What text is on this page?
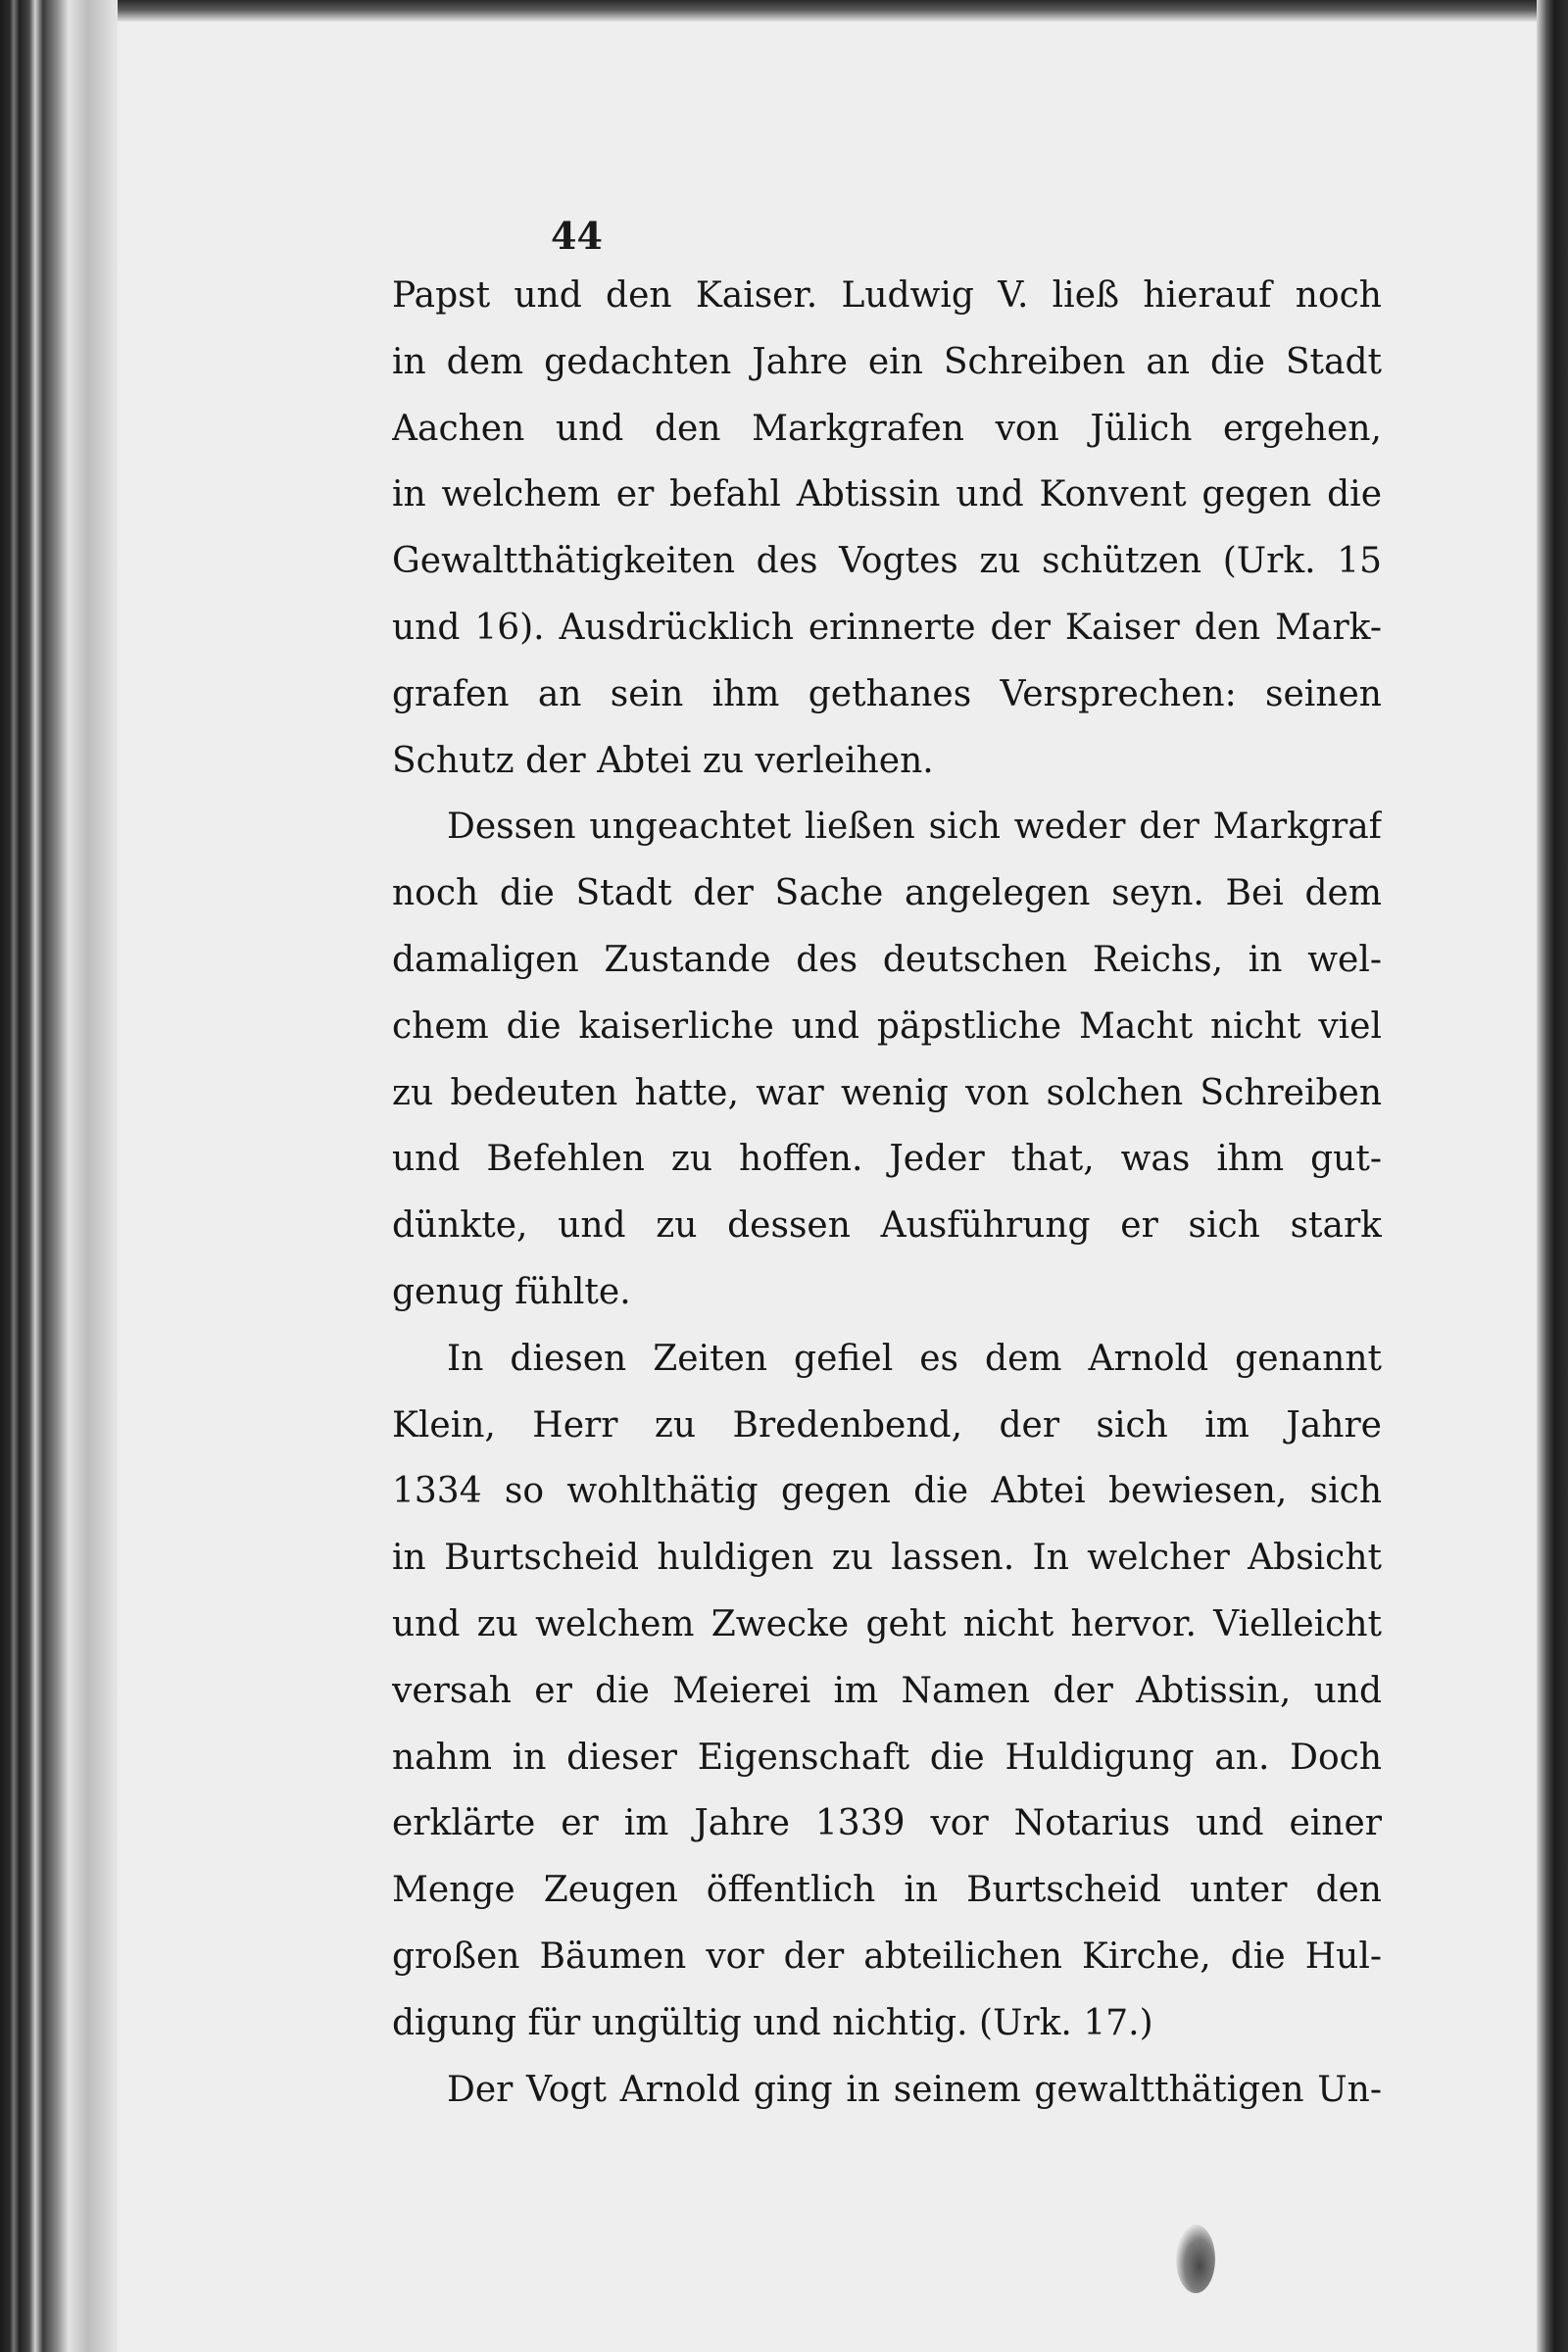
44
Papst und den Kaiser. Ludwig V. ließ hierauf noch
in dem gedachten Jahre ein Schreiben an die Stadt
Aachen und den Markgrafen von Jülich ergehen,
in welchem er befahl Abtissin und Konvent gegen die
Gewaltthätigkeiten des Vogtes zu schützen (Urk. 15
und 16). Ausdrücklich erinnerte der Kaiser den Mark-
grafen an sein ihm gethanes Versprechen: seinen
Schutz der Abtei zu verleihen.
Dessen ungeachtet ließen sich weder der Markgraf
noch die Stadt der Sache angelegen seyn. Bei dem
damaligen Zustande des deutschen Reichs, in wel-
chem die kaiserliche und päpstliche Macht nicht viel
zu bedeuten hatte, war wenig von solchen Schreiben
und Befehlen zu hoffen. Jeder that, was ihm gut-
dünkte, und zu dessen Ausführung er sich stark
genug fühlte.
In diesen Zeiten gefiel es dem Arnold genannt
Klein, Herr zu Bredenbend, der sich im Jahre
1334 so wohlthätig gegen die Abtei bewiesen, sich
in Burtscheid huldigen zu lassen. In welcher Absicht
und zu welchem Zwecke geht nicht hervor. Vielleicht
versah er die Meierei im Namen der Abtissin, und
nahm in dieser Eigenschaft die Huldigung an. Doch
erklärte er im Jahre 1339 vor Notarius und einer
Menge Zeugen öffentlich in Burtscheid unter den
großen Bäumen vor der abteilichen Kirche, die Hul-
digung für ungültig und nichtig. (Urk. 17.)
Der Vogt Arnold ging in seinem gewaltthätigen Un-
